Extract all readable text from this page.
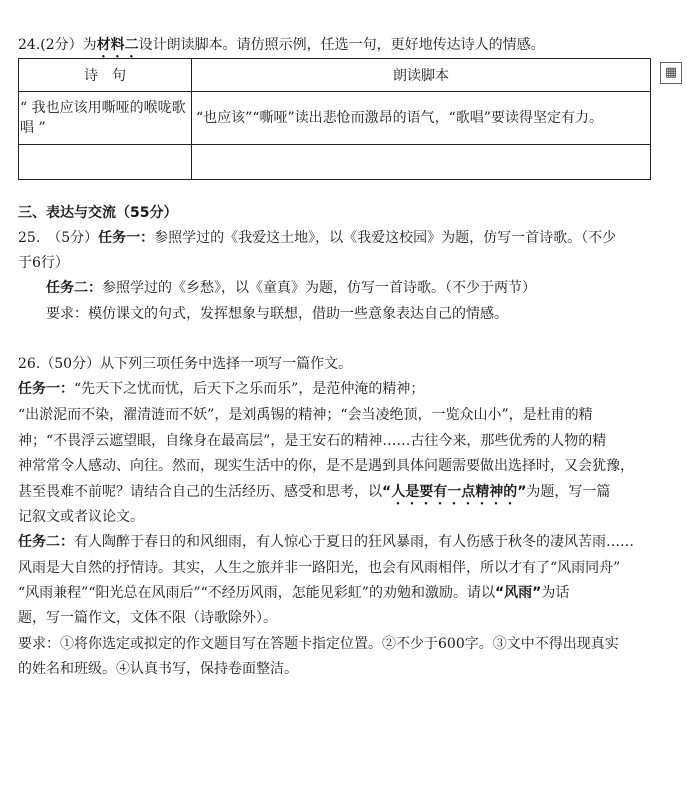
24.(2分）为材料二设计朗读脚本。请仿照示例，任选一句，更好地传达诗人的情感。
诗　句	朗读脚本
“ 我也应该用嘶哑的喉咙歌唱 ”	“也应该”“嘶哑”读出悲怆而激昂的语气，“歌唱”要读得坚定有力。

▦
三、表达与交流（55分）
25.　（5分）任务一：参照学过的《我爱这土地》，以《我爱这校园》为题，仿写一首诗歌。（不少
于6行）
任务二：参照学过的《乡愁》，以《童真》为题，仿写一首诗歌。（不少于两节）
要求：模仿课文的句式，发挥想象与联想，借助一些意象表达自己的情感。
26.（50分）从下列三项任务中选择一项写一篇作文。
任务一：“先天下之忧而忧，后天下之乐而乐”，是范仲淹的精神；
“出淤泥而不染，濯清涟而不妖”，是刘禹锡的精神；“会当凌绝顶，一览众山小”，是杜甫的精
神；“不畏浮云遮望眼，自缘身在最高层”，是王安石的精神……古往今来，那些优秀的人物的精
神常常令人感动、向往。然而，现实生活中的你，是不是遇到具体问题需要做出选择时，又会犹豫，
甚至畏难不前呢？请结合自己的生活经历、感受和思考，以“人是要有一点精神的”为题，写一篇
记叙文或者议论文。
任务二：有人陶醉于春日的和风细雨，有人惊心于夏日的狂风暴雨，有人伤感于秋冬的凄风苦雨……
风雨是大自然的抒情诗。其实，人生之旅并非一路阳光，也会有风雨相伴，所以才有了“风雨同舟”
“风雨兼程”“阳光总在风雨后”“不经历风雨，怎能见彩虹”的劝勉和激励。请以“风雨”为话
题，写一篇作文，文体不限（诗歌除外）。
要求：①将你选定或拟定的作文题目写在答题卡指定位置。②不少于600字。③文中不得出现真实
的姓名和班级。④认真书写，保持卷面整洁。
